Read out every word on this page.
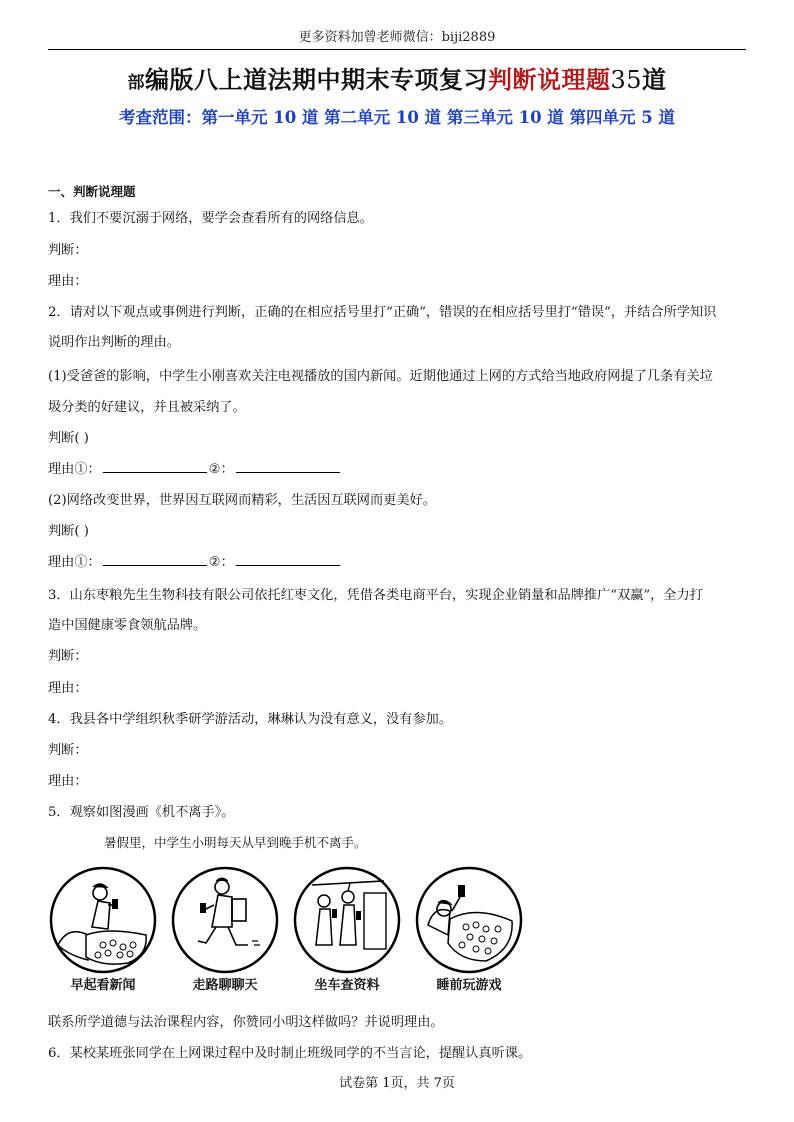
更多资料加曾老师微信：biji2889
部编版八上道法期中期末专项复习判断说理题35道
考查范围：第一单元 10 道 第二单元 10 道 第三单元 10 道 第四单元 5 道
一、判断说理题
1．我们不要沉溺于网络，要学会查看所有的网络信息。
判断：
理由：
2．请对以下观点或事例进行判断，正确的在相应括号里打“正确”，错误的在相应括号里打“错误”，并结合所学知识
说明作出判断的理由。
(1)受爸爸的影响，中学生小刚喜欢关注电视播放的国内新闻。近期他通过上网的方式给当地政府网提了几条有关垃
圾分类的好建议，并且被采纳了。
判断( )
理由①：	②：
(2)网络改变世界，世界因互联网而精彩，生活因互联网而更美好。
判断( )
理由①：	②：
3．山东枣粮先生生物科技有限公司依托红枣文化，凭借各类电商平台，实现企业销量和品牌推广“双赢”，全力打
造中国健康零食领航品牌。
判断：
理由：
4．我县各中学组织秋季研学游活动，琳琳认为没有意义，没有参加。
判断：
理由：
5．观察如图漫画《机不离手》。
暑假里，中学生小明每天从早到晚手机不离手。
早起看新闻	走路聊聊天	坐车查资料	睡前玩游戏
联系所学道德与法治课程内容，你赞同小明这样做吗？并说明理由。
6．某校某班张同学在上网课过程中及时制止班级同学的不当言论，提醒认真听课。
试卷第 1页，共 7页
